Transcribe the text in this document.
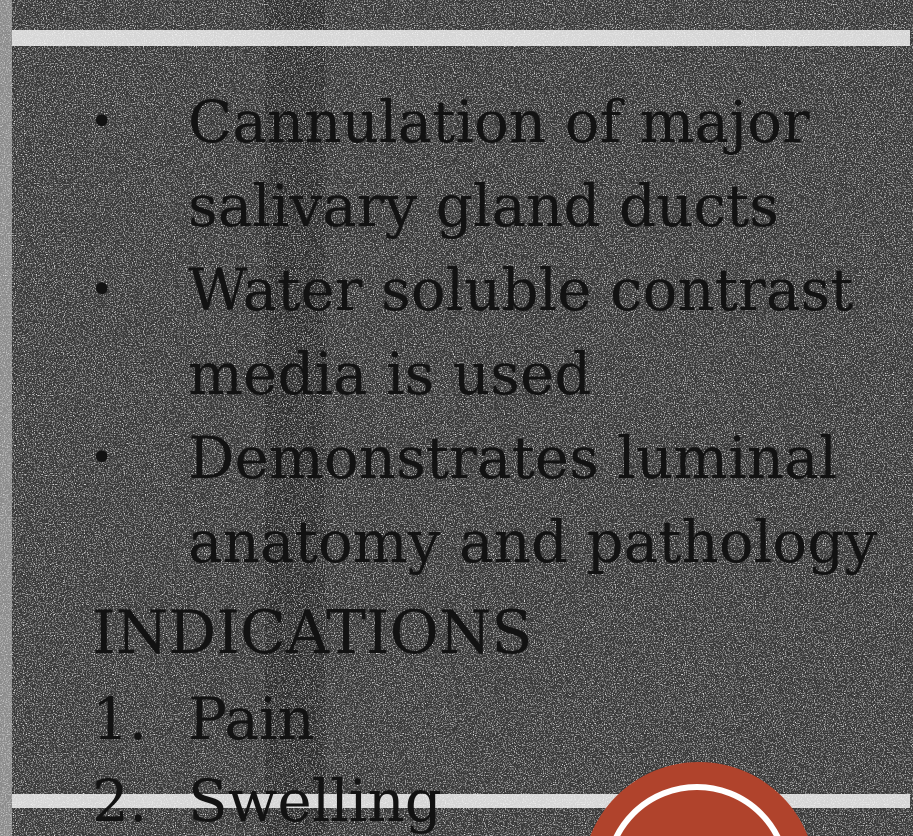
• Cannulation of major salivary gland ducts
• Water soluble contrast media is used
• Demonstrates luminal anatomy and pathology
INDICATIONS
1. Pain
2. Swelling
